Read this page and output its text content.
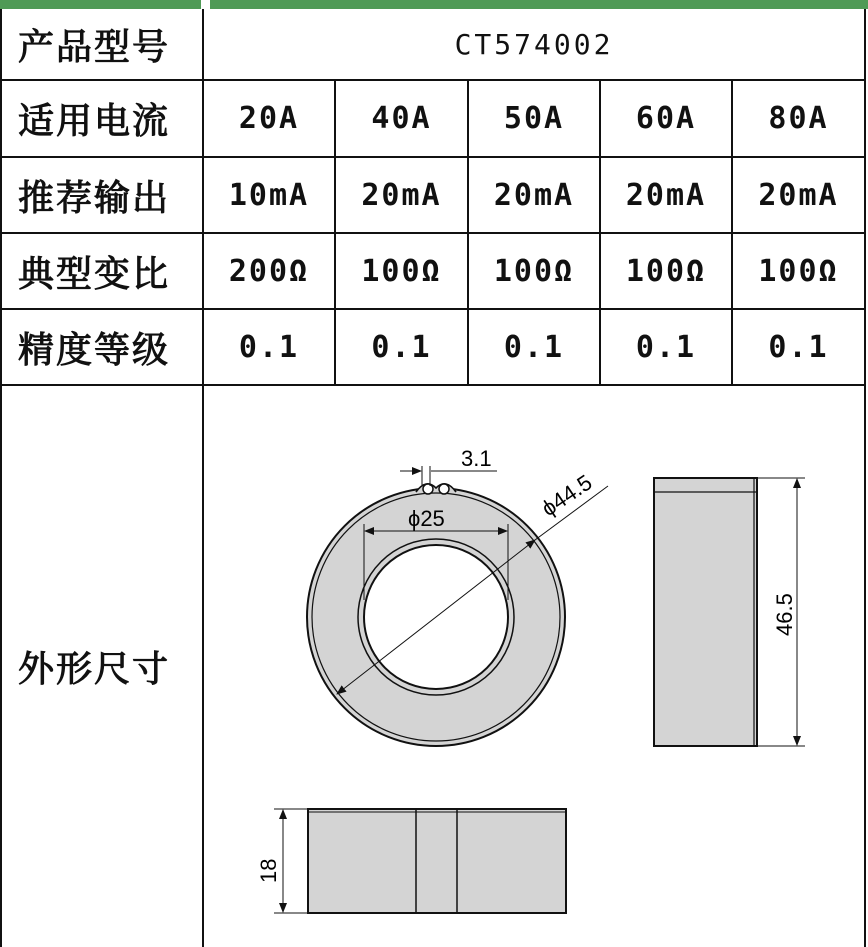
产品型号	CT574002
适用电流	20A	40A	50A	60A	80A
推荐输出	10mA	20mA	20mA	20mA	20mA
典型变比	200Ω	100Ω	100Ω	100Ω	100Ω
精度等级	0.1	0.1	0.1	0.1	0.1
外形尺寸
3.1
ϕ25	ϕ44.5
46.5
18
